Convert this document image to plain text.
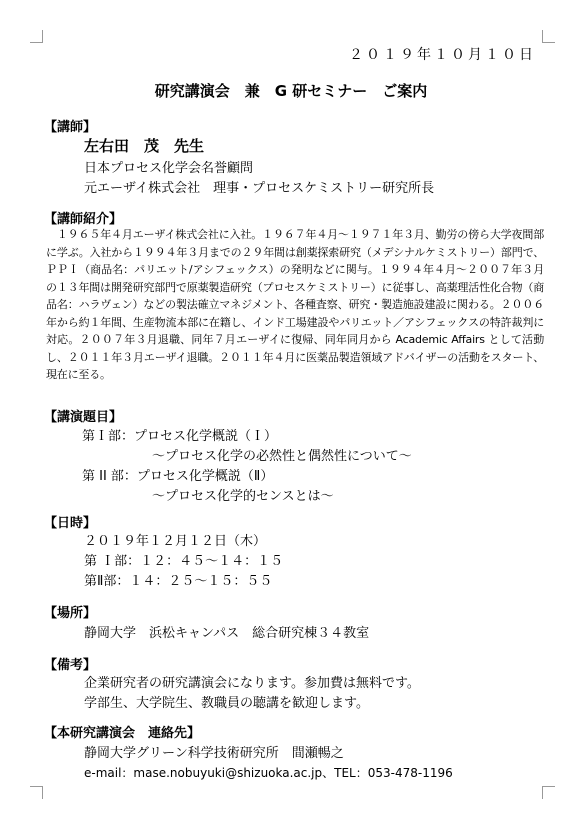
２０１９年１０月１０日
研究講演会　兼　G 研セミナー　ご案内
【 講師 】
左右田　茂　先生
日本プロセス化学会名誉顧問
元エーザイ株式会社　理事・プロセスケミストリー研究所長
【 講師紹介 】
　１９６５年４月エーザイ株式会社に入社。１９６７年４月～１９７１年３月、勤労の傍ら大学夜間部に学ぶ。入社から１９９４年３月までの２９年間は創薬探索研究（メデシナルケミストリー）部門で、ＰＰＩ（商品名：パリエット/アシフェックス）の発明などに関与。１９９４年４月～２００７年３月の１３年間は開発研究部門で原薬製造研究（プロセスケミストリー）に従事し、高薬理活性化合物（商品名：ハラヴェン）などの製法確立マネジメント、各種査察、研究・製造施設建設に関わる。２００６年から約１年間、生産物流本部に在籍し、インド工場建設やパリエット／アシフェックスの特許裁判に対応。２００７年３月退職、同年７月エーザイに復帰、同年同月から Academic Affairs として活動し、２０１１年３月エーザイ退職。２０１１年４月に医薬品製造領域アドバイザーの活動をスタート、現在に至る。
【 講演題目 】
第Ｉ部：プロセス化学概説（Ｉ）
～プロセス化学の必然性と偶然性について～
第 II 部：プロセス化学概説（Ⅱ）
～プロセス化学的センスとは～
【 日時 】
２０１９年１２月１２日（木）
第 Ｉ部：１２：４５～１４：１５
第Ⅱ部：１４：２５～１５：５５
【 場所 】
静岡大学　浜松キャンパス　総合研究棟３４教室
【 備考 】
企業研究者の研究講演会になります。参加費は無料です。
学部生、大学院生、教職員の聴講を歓迎します。
【 本研究講演会　連絡先 】
静岡大学グリーン科学技術研究所　間瀬暢之
e-mail：mase.nobuyuki@shizuoka.ac.jp、TEL：053-478-1196
